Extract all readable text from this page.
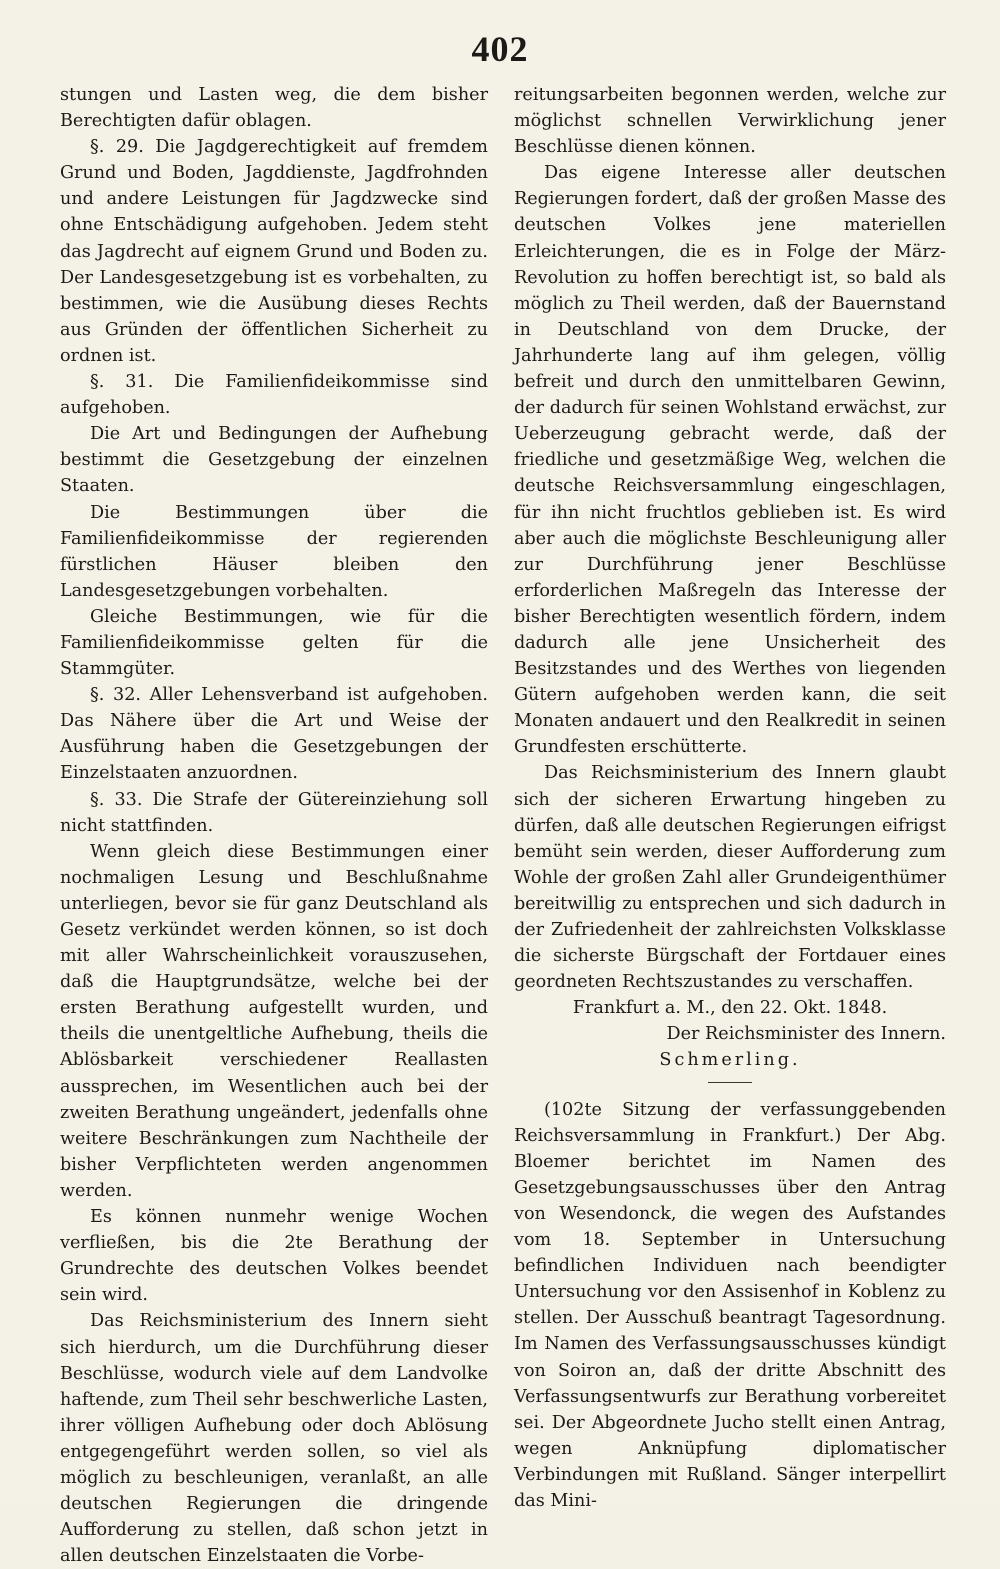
402

stungen und Lasten weg, die dem bisher Berechtigten dafür oblagen.

§. 29. Die Jagdgerechtigkeit auf fremdem Grund und Boden, Jagddienste, Jagdfrohnden und andere Leistungen für Jagdzwecke sind ohne Entschädigung aufgehoben. Jedem steht das Jagdrecht auf eignem Grund und Boden zu. Der Landesgesetzgebung ist es vorbehalten, zu bestimmen, wie die Ausübung dieses Rechts aus Gründen der öffentlichen Sicherheit zu ordnen ist.

§. 31. Die Familienfideikommisse sind aufgehoben.

Die Art und Bedingungen der Aufhebung bestimmt die Gesetzgebung der einzelnen Staaten.

Die Bestimmungen über die Familienfideikommisse der regierenden fürstlichen Häuser bleiben den Landesgesetzgebungen vorbehalten.

Gleiche Bestimmungen, wie für die Familienfideikommisse gelten für die Stammgüter.

§. 32. Aller Lehensverband ist aufgehoben. Das Nähere über die Art und Weise der Ausführung haben die Gesetzgebungen der Einzelstaaten anzuordnen.

§. 33. Die Strafe der Gütereinziehung soll nicht stattfinden.

Wenn gleich diese Bestimmungen einer nochmaligen Lesung und Beschlußnahme unterliegen, bevor sie für ganz Deutschland als Gesetz verkündet werden können, so ist doch mit aller Wahrscheinlichkeit vorauszusehen, daß die Hauptgrundsätze, welche bei der ersten Berathung aufgestellt wurden, und theils die unentgeltliche Aufhebung, theils die Ablösbarkeit verschiedener Reallasten aussprechen, im Wesentlichen auch bei der zweiten Berathung ungeändert, jedenfalls ohne weitere Beschränkungen zum Nachtheile der bisher Verpflichteten werden angenommen werden.

Es können nunmehr wenige Wochen verfließen, bis die 2te Berathung der Grundrechte des deutschen Volkes beendet sein wird.

Das Reichsministerium des Innern sieht sich hierdurch, um die Durchführung dieser Beschlüsse, wodurch viele auf dem Landvolke haftende, zum Theil sehr beschwerliche Lasten, ihrer völligen Aufhebung oder doch Ablösung entgegengeführt werden sollen, so viel als möglich zu beschleunigen, veranlaßt, an alle deutschen Regierungen die dringende Aufforderung zu stellen, daß schon jetzt in allen deutschen Einzelstaaten die Vorbe-

reitungsarbeiten begonnen werden, welche zur möglichst schnellen Verwirklichung jener Beschlüsse dienen können.

Das eigene Interesse aller deutschen Regierungen fordert, daß der großen Masse des deutschen Volkes jene materiellen Erleichterungen, die es in Folge der März-Revolution zu hoffen berechtigt ist, so bald als möglich zu Theil werden, daß der Bauernstand in Deutschland von dem Drucke, der Jahrhunderte lang auf ihm gelegen, völlig befreit und durch den unmittelbaren Gewinn, der dadurch für seinen Wohlstand erwächst, zur Ueberzeugung gebracht werde, daß der friedliche und gesetzmäßige Weg, welchen die deutsche Reichsversammlung eingeschlagen, für ihn nicht fruchtlos geblieben ist. Es wird aber auch die möglichste Beschleunigung aller zur Durchführung jener Beschlüsse erforderlichen Maßregeln das Interesse der bisher Berechtigten wesentlich fördern, indem dadurch alle jene Unsicherheit des Besitzstandes und des Werthes von liegenden Gütern aufgehoben werden kann, die seit Monaten andauert und den Realkredit in seinen Grundfesten erschütterte.

Das Reichsministerium des Innern glaubt sich der sicheren Erwartung hingeben zu dürfen, daß alle deutschen Regierungen eifrigst bemüht sein werden, dieser Aufforderung zum Wohle der großen Zahl aller Grundeigenthümer bereitwillig zu entsprechen und sich dadurch in der Zufriedenheit der zahlreichsten Volksklasse die sicherste Bürgschaft der Fortdauer eines geordneten Rechtszustandes zu verschaffen.

Frankfurt a. M., den 22. Okt. 1848.

Der Reichsminister des Innern.

Schmerling.

(102te Sitzung der verfassunggebenden Reichsversammlung in Frankfurt.) Der Abg. Bloemer berichtet im Namen des Gesetzgebungsausschusses über den Antrag von Wesendonck, die wegen des Aufstandes vom 18. September in Untersuchung befindlichen Individuen nach beendigter Untersuchung vor den Assisenhof in Koblenz zu stellen. Der Ausschuß beantragt Tagesordnung. Im Namen des Verfassungsausschusses kündigt von Soiron an, daß der dritte Abschnitt des Verfassungsentwurfs zur Berathung vorbereitet sei. Der Abgeordnete Jucho stellt einen Antrag, wegen Anknüpfung diplomatischer Verbindungen mit Rußland. Sänger interpellirt das Mini-
